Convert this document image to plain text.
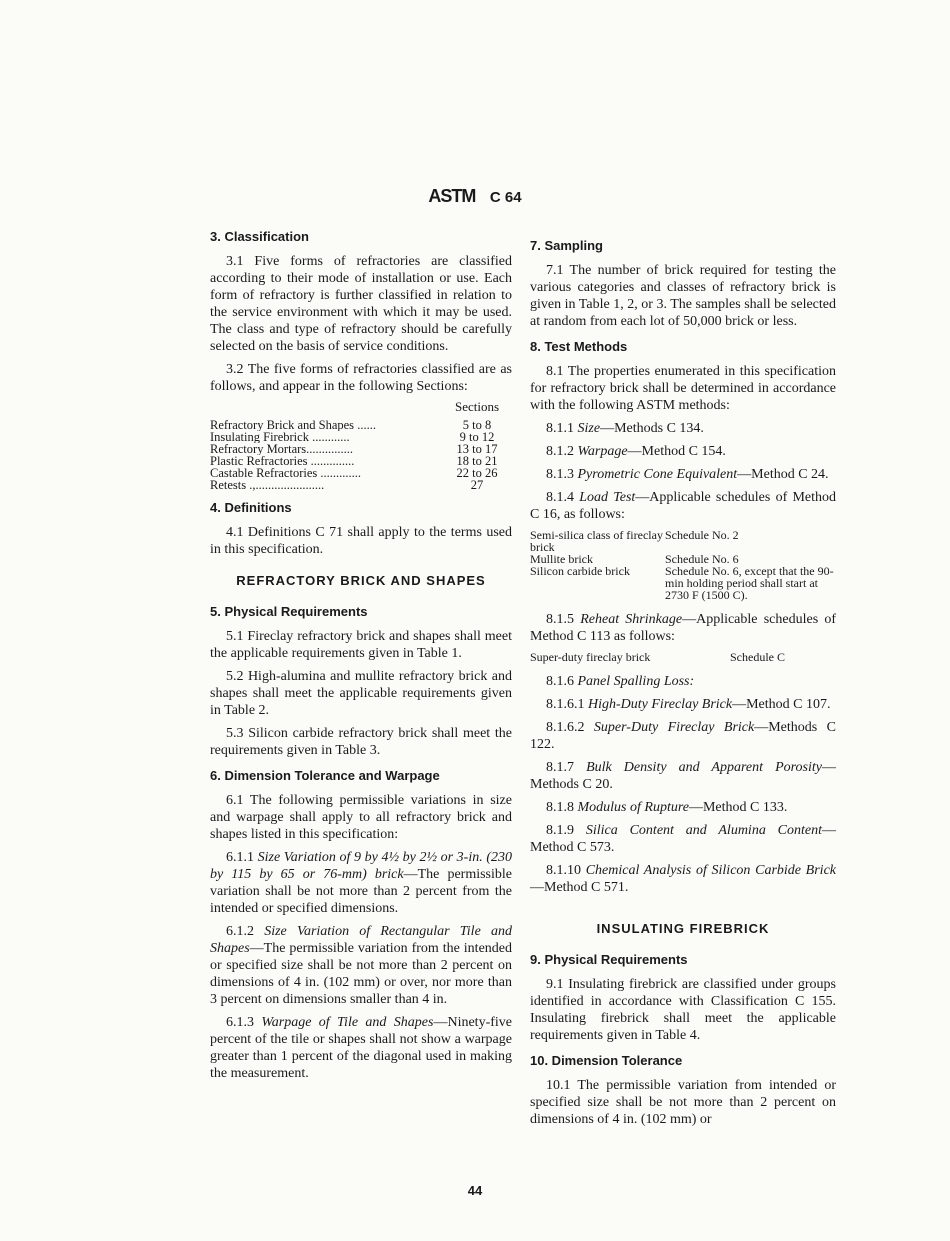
ASTM C 64
3. Classification

3.1 Five forms of refractories are classified according to their mode of installation or use. Each form of refractory is further classified in relation to the service environment with which it may be used. The class and type of refractory should be carefully selected on the basis of service conditions.

3.2 The five forms of refractories classified are as follows, and appear in the following Sections:

	Sections
Refractory Brick and Shapes ......	5 to 8
Insulating Firebrick ............	9 to 12
Refractory Mortars...............	13 to 17
Plastic Refractories ..............	18 to 21
Castable Refractories .............	22 to 26
Retests .,......................	27
4. Definitions

4.1 Definitions C 71 shall apply to the terms used in this specification.

REFRACTORY BRICK AND SHAPES
5. Physical Requirements

5.1 Fireclay refractory brick and shapes shall meet the applicable requirements given in Table 1.

5.2 High-alumina and mullite refractory brick and shapes shall meet the applicable requirements given in Table 2.

5.3 Silicon carbide refractory brick shall meet the requirements given in Table 3.

6. Dimension Tolerance and Warpage

6.1 The following permissible variations in size and warpage shall apply to all refractory brick and shapes listed in this specification:

6.1.1 Size Variation of 9 by 4½ by 2½ or 3-in. (230 by 115 by 65 or 76-mm) brick—The permissible variation shall be not more than 2 percent from the intended or specified dimensions.

6.1.2 Size Variation of Rectangular Tile and Shapes—The permissible variation from the intended or specified size shall be not more than 2 percent on dimensions of 4 in. (102 mm) or over, nor more than 3 percent on dimensions smaller than 4 in.

6.1.3 Warpage of Tile and Shapes—Ninety-five percent of the tile or shapes shall not show a warpage greater than 1 percent of the diagonal used in making the measurement.

7. Sampling

7.1 The number of brick required for testing the various categories and classes of refractory brick is given in Table 1, 2, or 3. The samples shall be selected at random from each lot of 50,000 brick or less.

8. Test Methods

8.1 The properties enumerated in this specification for refractory brick shall be determined in accordance with the following ASTM methods:

8.1.1 Size—Methods C 134.

8.1.2 Warpage—Method C 154.

8.1.3 Pyrometric Cone Equivalent—Method C 24.

8.1.4 Load Test—Applicable schedules of Method C 16, as follows:

Semi-silica class of fireclay brick	Schedule No. 2
Mullite brick	Schedule No. 6
Silicon carbide brick	Schedule No. 6, except that the 90-min holding period shall start at 2730 F (1500 C).

8.1.5 Reheat Shrinkage—Applicable schedules of Method C 113 as follows:

Super-duty fireclay brick	Schedule C

8.1.6 Panel Spalling Loss:

8.1.6.1 High-Duty Fireclay Brick—Method C 107.

8.1.6.2 Super-Duty Fireclay Brick—Methods C 122.

8.1.7 Bulk Density and Apparent Porosity—Methods C 20.

8.1.8 Modulus of Rupture—Method C 133.

8.1.9 Silica Content and Alumina Content—Method C 573.

8.1.10 Chemical Analysis of Silicon Carbide Brick—Method C 571.

INSULATING FIREBRICK
9. Physical Requirements

9.1 Insulating firebrick are classified under groups identified in accordance with Classification C 155. Insulating firebrick shall meet the applicable requirements given in Table 4.

10. Dimension Tolerance

10.1 The permissible variation from intended or specified size shall be not more than 2 percent on dimensions of 4 in. (102 mm) or

44
